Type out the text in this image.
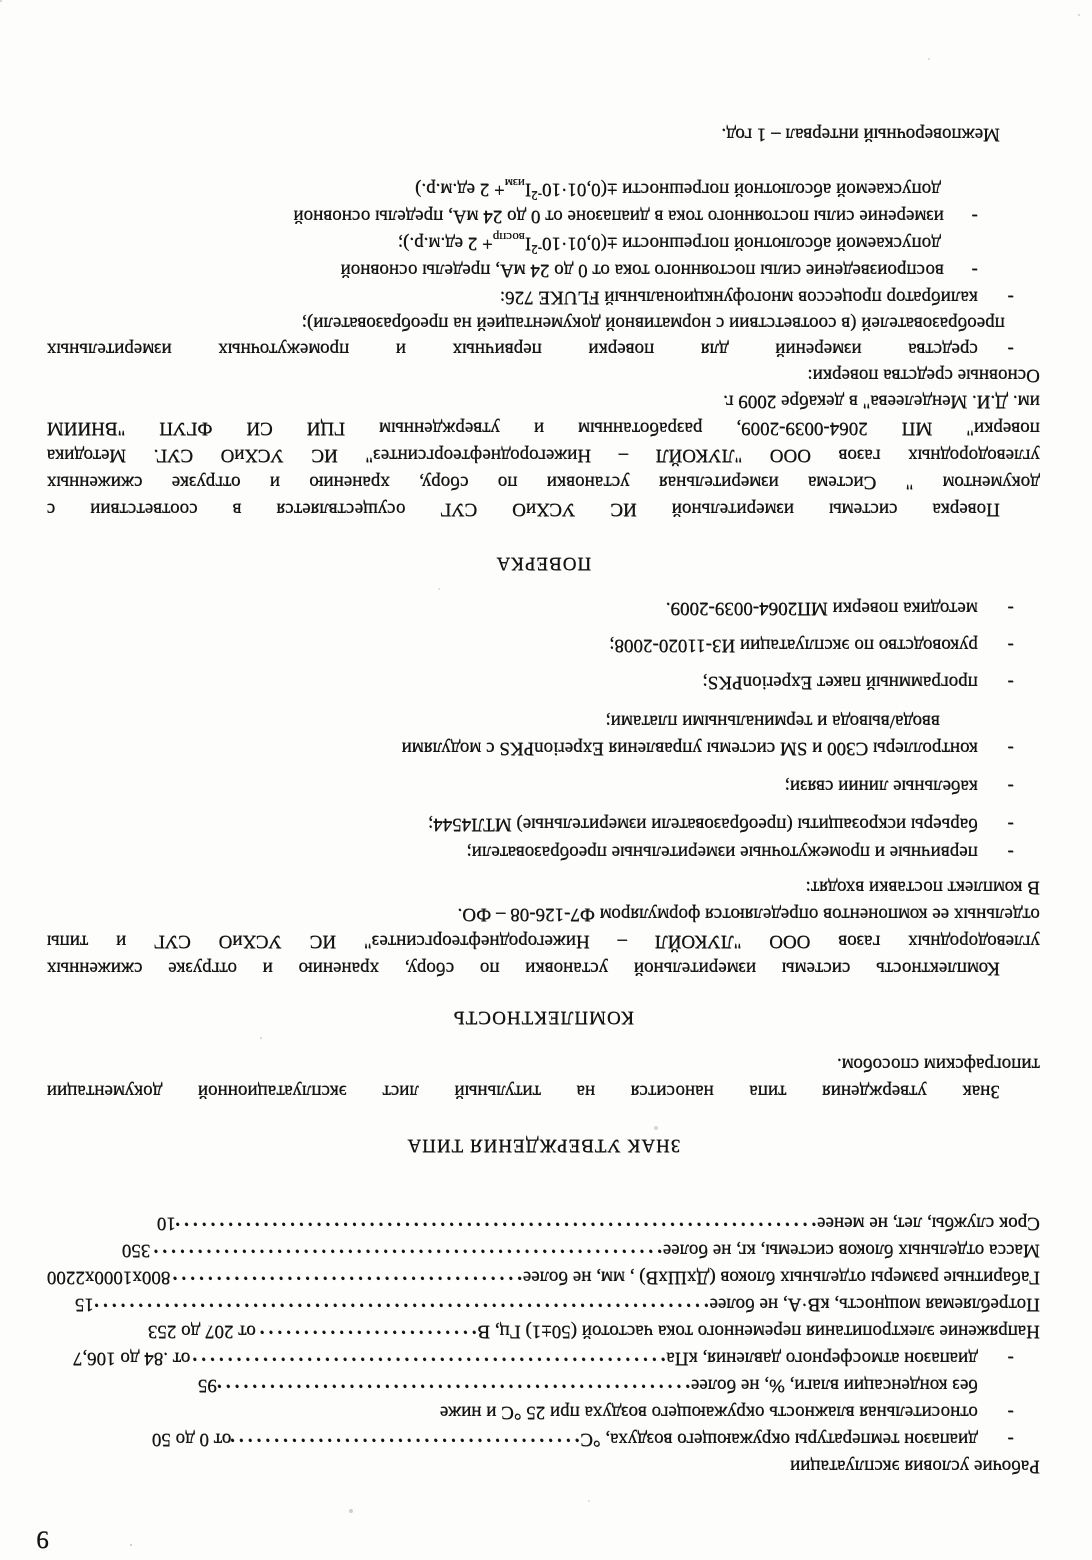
9
Рабочие условия эксплуатации
-
диапазон температуры окружающего воздуха, °С
·····
от 0 до 50
-
относительная влажность окружающего воздуха при 25 °С и ниже
без конденсации влаги, %, не более
·····
95
-
диапазон атмосферного давления, кПа
·····
от .84 до 106,7
Напряжение электропитания переменного тока частотой (50±1) Гц, В
·····
от 207 до 253
Потребляемая мощность, кВ·А, не более
·····
15
Габаритные размеры отдельных блоков (ДхШхВ) , мм, не более
·····
800х1000х2200
Масса отдельных блоков системы, кг, не более
·····
350
Срок службы, лет, не менее
·····
10
ЗНАК УТВЕРЖДЕНИЯ ТИПА
Знак утверждения типа наносится на титульный лист эксплуатационной документации
типографским способом.
КОМПЛЕКТНОСТЬ
Комплектность системы измерительной установки по сбору, хранению и отгрузке сжиженных
углеводородных газов ООО "ЛУКОЙЛ – Нижегороднефтеоргсинтез" ИС УСХиО СУГ и типы
отдельных ее компонентов определяются формуляром Ф7-126-08 – ФО.
В комплект поставки входят:
-
первичные и промежуточные измерительные преобразователи;
-
барьеры искрозащиты (преобразователи измерительные) МТЛ4544;
-
кабельные линии связи;
-
контроллеры С300 и SM системы управления ExperionPKS с модулями
ввода/вывода и терминальными платами;
-
программный пакет ExperionPKS;
-
руководство по эксплуатации ИЗ-11020-2008;
-
методика поверки МП2064-0039-2009.
ПОВЕРКА
Поверка системы измерительной ИС УСХиО СУГ осуществляется в соответствии с
документом " Система измерительная установки по сбору, хранению и отгрузке сжиженных
углеводородных газов ООО "ЛУКОЙЛ – Нижегороднефтеоргсинтез" ИС УСХиО СУГ. Методика
поверки" МП 2064-0039-2009, разработанным и утвержденным ГЦИ СИ ФГУП "ВНИИМ
им. Д.И. Менделеева" в декабре 2009 г.
Основные средства поверки:
-
средства измерений для поверки первичных и промежуточных измерительных
преобразователей (в соответствии с нормативной документацией на преобразователи);
-
калибратор процессов многофункциональный FLUKE 726:
-
воспроизведение силы постоянного тока от 0 до 24 мА, пределы основной
допускаемой абсолютной погрешности $\pm(0,01\cdot 10^{-2}I_{воспр}+ 2$ ед.м.р.);
-
измерение силы постоянного тока в диапазоне от 0 до 24 мА, пределы основной
допускаемой абсолютной погрешности $\pm(0,01\cdot 10^{-2}I_{изм}+ 2$ ед.м.р.)
Межповерочный интервал – 1 год.
